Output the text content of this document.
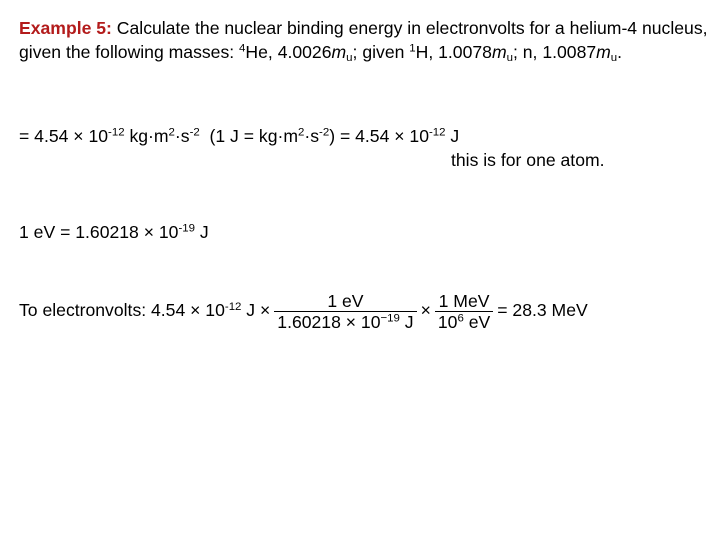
Example 5: Calculate the nuclear binding energy in electronvolts for a helium-4 nucleus, given the following masses: $^4$He, $4.0026m_u$; given $^1$H, $1.0078m_u$; n, $1.0087m_u$.
= $4.54 \times 10^{-12}$ $kg\cdot m^2\cdot s^{-2}$  (1 $J = kg\cdot m^2\cdot s^{-2}) = 4.54 \times 10^{-12}$ J
this is for one atom.
1 eV = $1.60218 \times 10^{-19}$ J
To electronvolts: $4.54 \times 10^{-12}$ $J \times \frac{1 eV}{1.60218 \times 10^{-19} J} \times \frac{\text{1 MeV}}{10^6 eV} = 28.3$ MeV
